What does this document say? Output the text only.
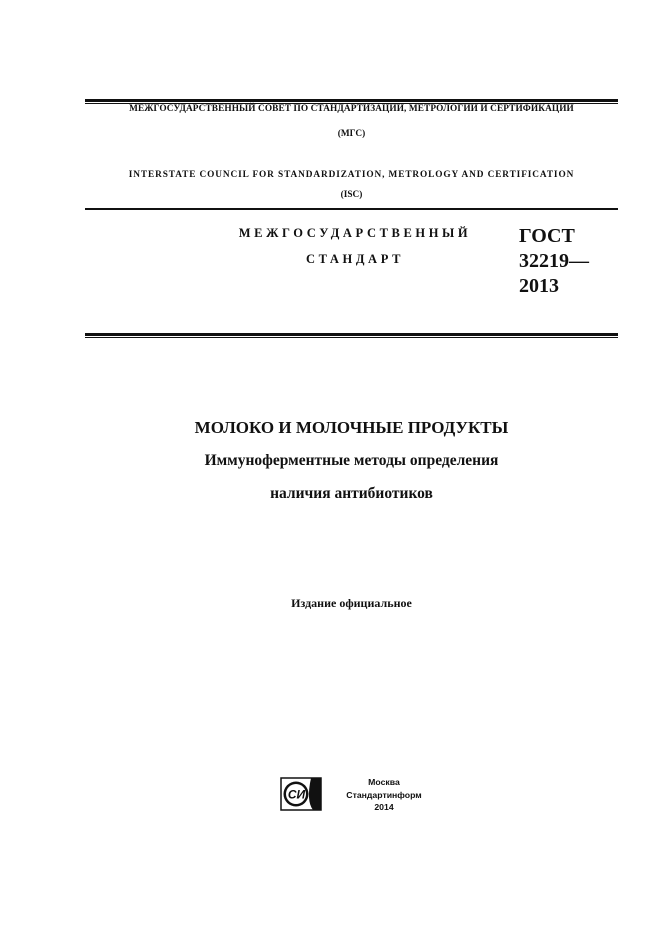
МЕЖГОСУДАРСТВЕННЫЙ СОВЕТ ПО СТАНДАРТИЗАЦИИ, МЕТРОЛОГИИ И СЕРТИФИКАЦИИ
(МГС)
INTERSTATE COUNCIL FOR STANDARDIZATION, METROLOGY AND CERTIFICATION
(ISC)
МЕЖГОСУДАРСТВЕННЫЙ
СТАНДАРТ
ГОСТ
32219—
2013
МОЛОКО И МОЛОЧНЫЕ ПРОДУКТЫ
Иммуноферментные методы определения
наличия антибиотиков
Издание официальное
СИ
Москва
Стандартинформ
2014
